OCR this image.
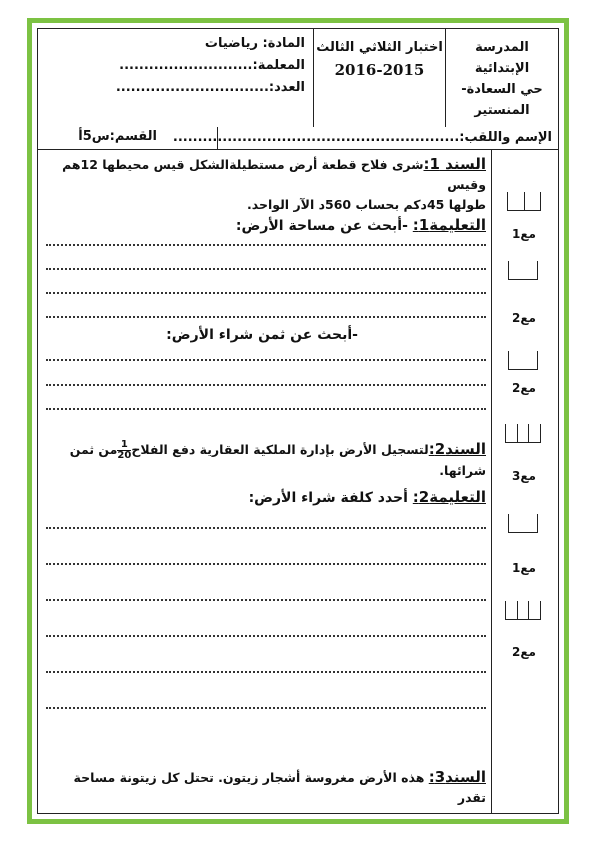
المدرسة الإبتدائية
حي السعادة-المنستير
اختبار الثلاثي الثالث
2016-2015
المادة: رياضيات
المعلمة:...........................
العدد:...............................
الإسم واللقب:..........................................................
القسم:س5أ
السند 1:شرى فلاح قطعة أرض مستطيلةالشكل قيس محيطها 12هم وقيس
طولها 45دكم بحساب 560د الآر الواحد.
التعليمة1: -أبحث عن مساحة الأرض:
-أبحث عن ثمن شراء الأرض:
السند2:لتسجيل الأرض بإدارة الملكية العقارية دفع الفلاح
$\frac{1}{20}$
من ثمن شرائها.
التعليمة2: أحدد كلفة شراء الأرض:
السند3: هذه الأرض مغروسة أشجار زيتون. تحتل كل زيتونة مساحة تقدر
مع1
مع2
مع2
مع3
مع1
مع2
